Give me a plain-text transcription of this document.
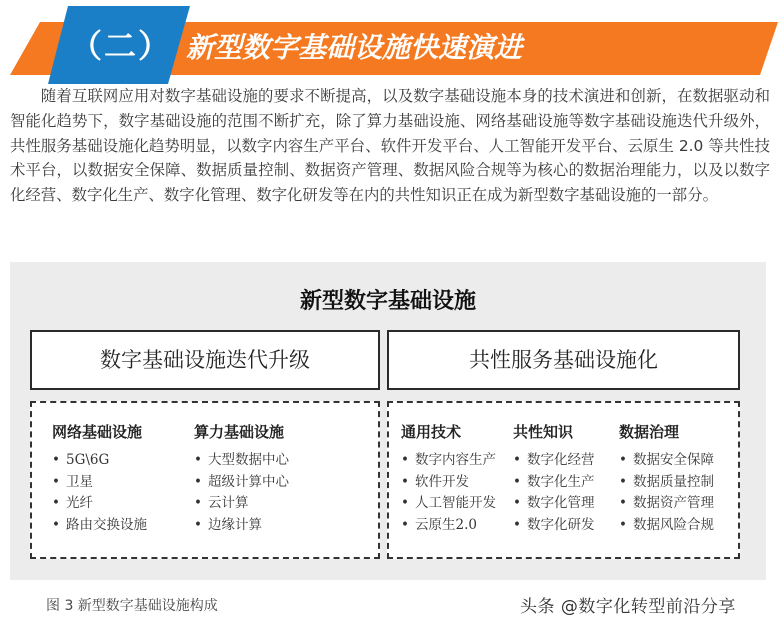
（二） 新型数字基础设施快速演进

随着互联网应用对数字基础设施的要求不断提高，以及数字基础设施本身的技术演进和创新，在数据驱动和智能化趋势下，数字基础设施的范围不断扩充，除了算力基础设施、网络基础设施等数字基础设施迭代升级外，共性服务基础设施化趋势明显，以数字内容生产平台、软件开发平台、人工智能开发平台、云原生 2.0 等共性技术平台，以数据安全保障、数据质量控制、数据资产管理、数据风险合规等为核心的数据治理能力，以及以数字化经营、数字化生产、数字化管理、数字化研发等在内的共性知识正在成为新型数字基础设施的一部分。

新型数字基础设施
数字基础设施迭代升级	共性服务基础设施化
网络基础设施
• 5G\6G
• 卫星
• 光纤
• 路由交换设施
算力基础设施
• 大型数据中心
• 超级计算中心
• 云计算
• 边缘计算
通用技术
• 数字内容生产
• 软件开发
• 人工智能开发
• 云原生2.0
共性知识
• 数字化经营
• 数字化生产
• 数字化管理
• 数字化研发
数据治理
• 数据安全保障
• 数据质量控制
• 数据资产管理
• 数据风险合规
图 3 新型数字基础设施构成	头条 @数字化转型前沿分享
